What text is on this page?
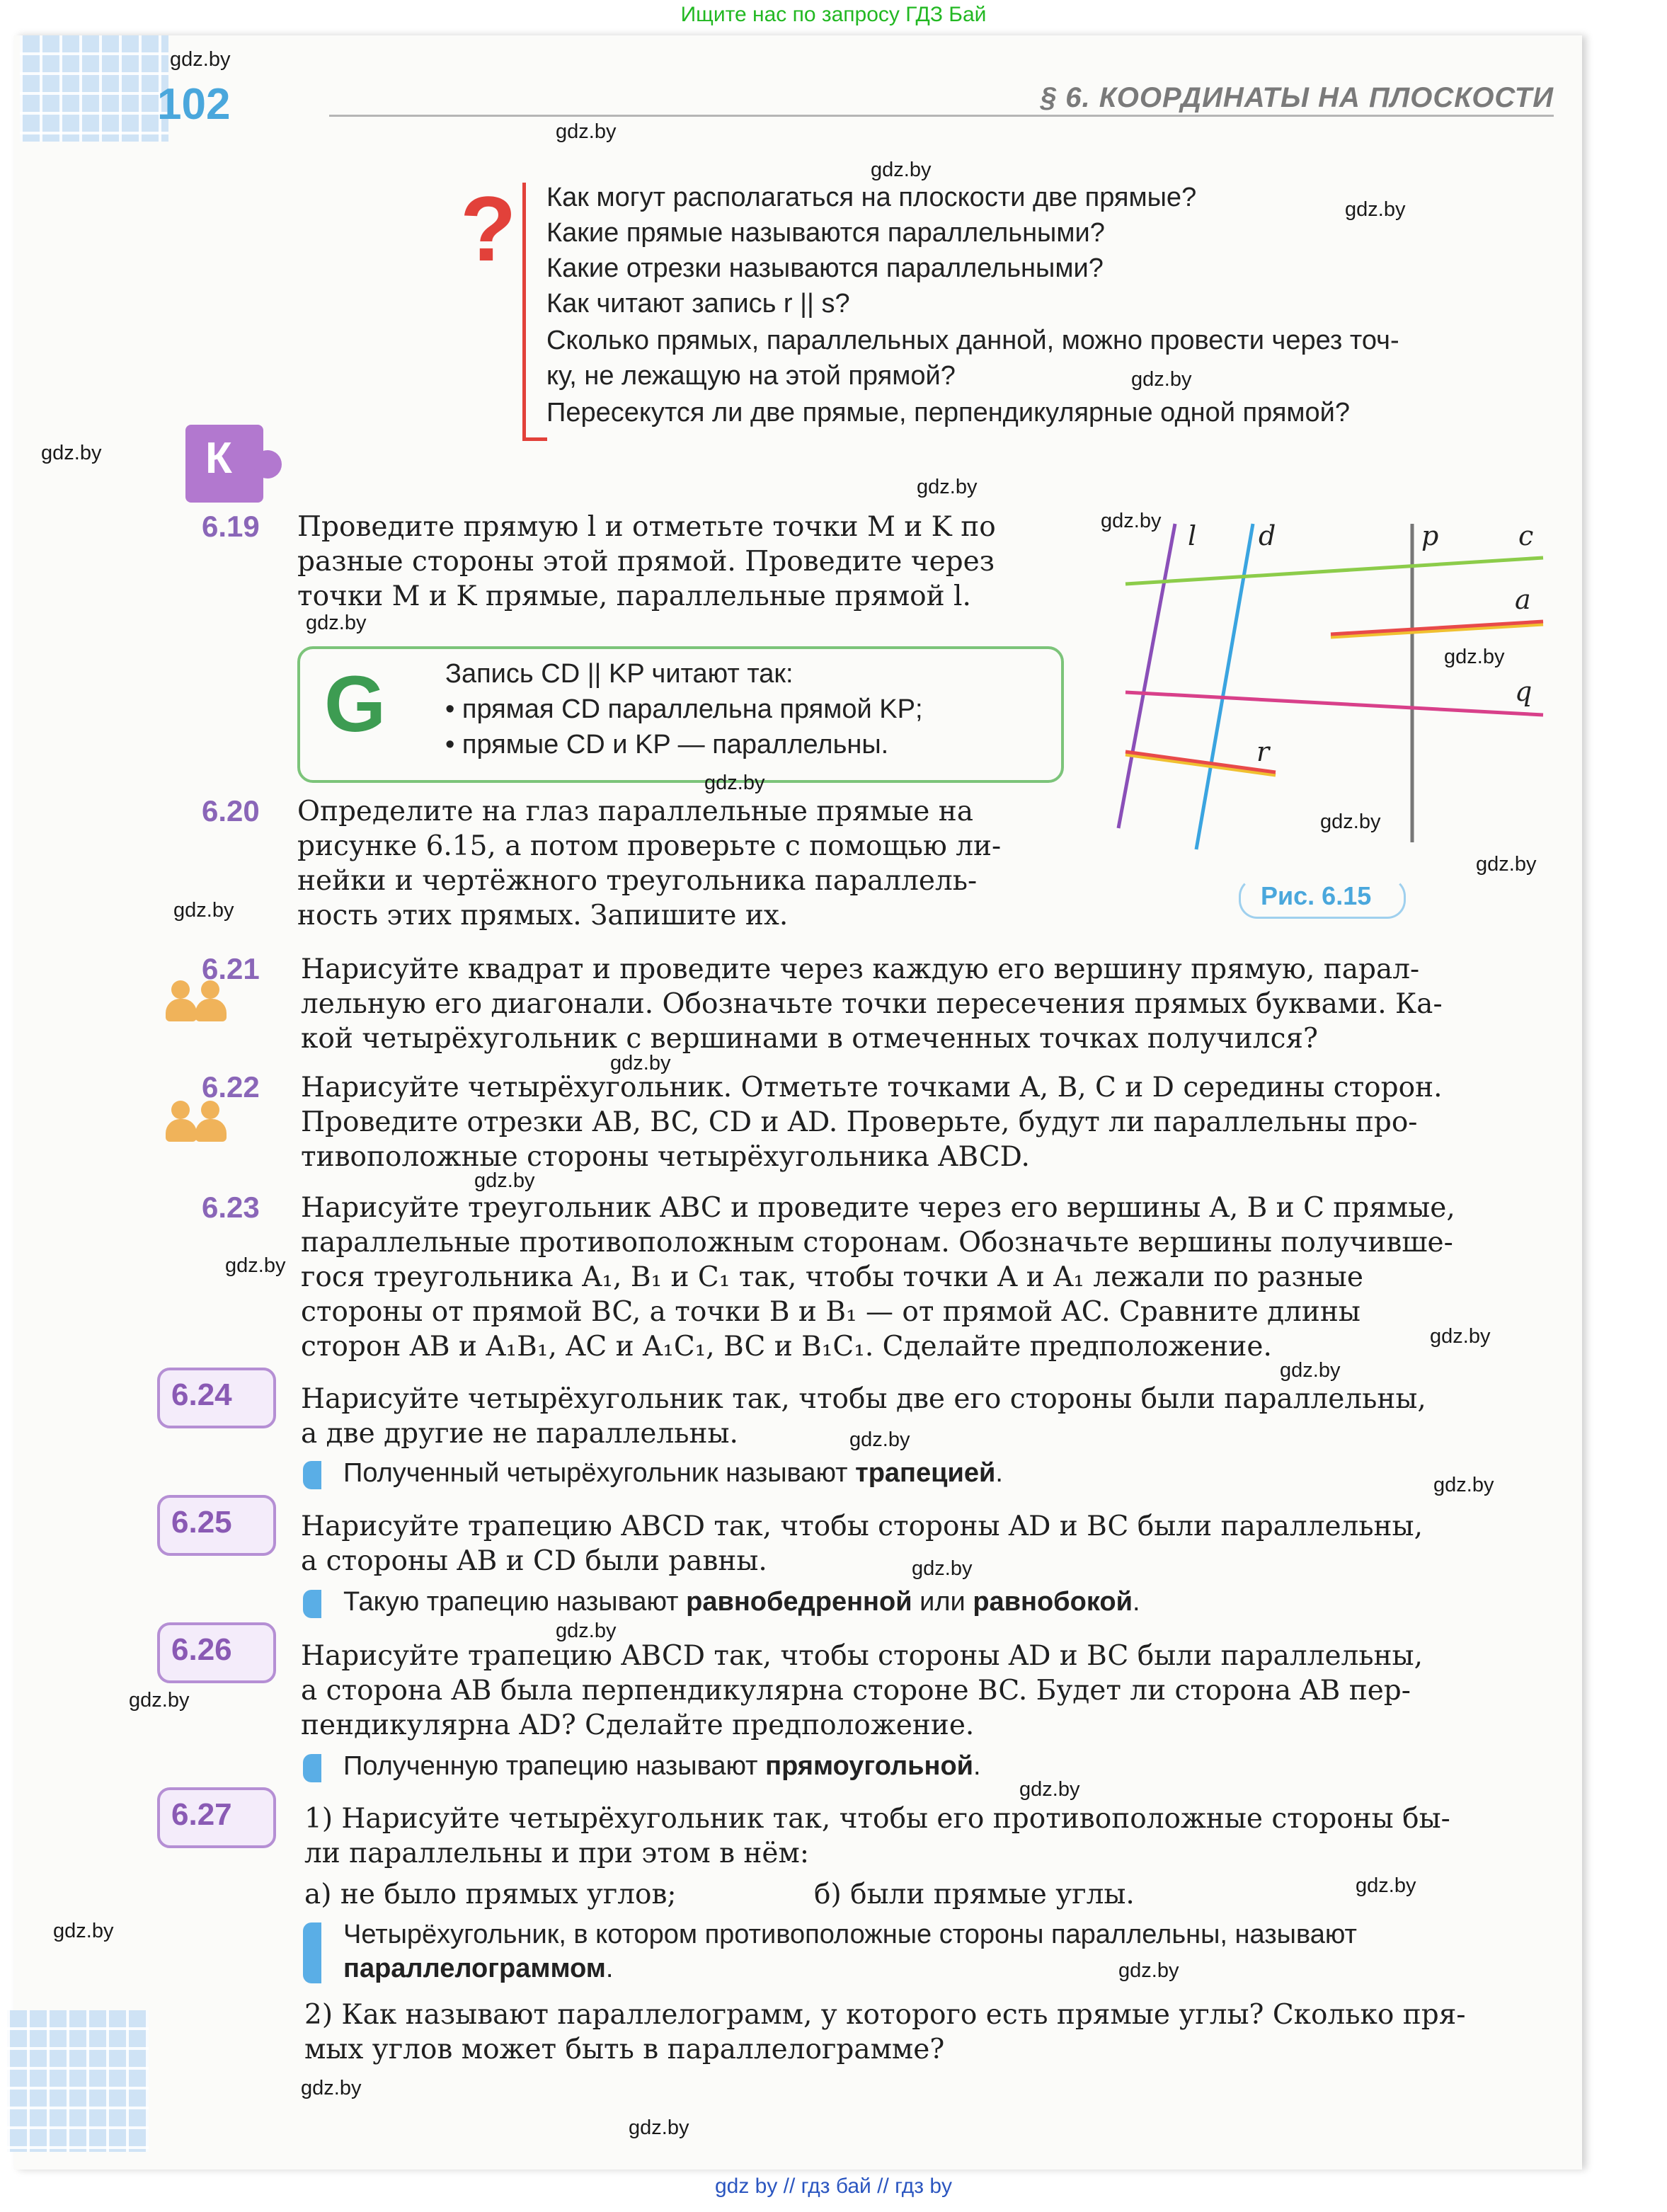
Ищите нас по запросу ГДЗ Бай
102	§ 6. КООРДИНАТЫ НА ПЛОСКОСТИ
? Как могут располагаться на плоскости две прямые?
Какие прямые называются параллельными?
Какие отрезки называются параллельными?
Как читают запись r || s?
Сколько прямых, параллельных данной, можно провести через точ-
ку, не лежащую на этой прямой?
Пересекутся ли две прямые, перпендикулярные одной прямой?
К
6.19 Проведите прямую l и отметьте точки M и K по
разные стороны этой прямой. Проведите через
точки M и K прямые, параллельные прямой l.
G Запись CD || KP читают так:
• прямая CD параллельна прямой KP;
• прямые CD и KP — параллельны.
6.20 Определите на глаз параллельные прямые на
рисунке 6.15, а потом проверьте с помощью ли-
нейки и чертёжного треугольника параллель-
ность этих прямых. Запишите их.
l d	p	c
a
q
r
Рис. 6.15
6.21 Нарисуйте квадрат и проведите через каждую его вершину прямую, парал-
лельную его диагонали. Обозначьте точки пересечения прямых буквами. Ка-
кой четырёхугольник с вершинами в отмеченных точках получился?
6.22 Нарисуйте четырёхугольник. Отметьте точками A, B, C и D середины сторон.
Проведите отрезки AB, BC, CD и AD. Проверьте, будут ли параллельны про-
тивоположные стороны четырёхугольника ABCD.
6.23 Нарисуйте треугольник ABC и проведите через его вершины A, B и C прямые,
параллельные противоположным сторонам. Обозначьте вершины получивше-
гося треугольника A₁, B₁ и C₁ так, чтобы точки A и A₁ лежали по разные
стороны от прямой BC, а точки B и B₁ — от прямой AC. Сравните длины
сторон AB и A₁B₁, AC и A₁C₁, BC и B₁C₁. Сделайте предположение.
6.24 Нарисуйте четырёхугольник так, чтобы две его стороны были параллельны,
а две другие не параллельны.
Полученный четырёхугольник называют трапецией.
6.25 Нарисуйте трапецию ABCD так, чтобы стороны AD и BC были параллельны,
а стороны AB и CD были равны.
Такую трапецию называют равнобедренной или равнобокой.
6.26 Нарисуйте трапецию ABCD так, чтобы стороны AD и BC были параллельны,
а сторона AB была перпендикулярна стороне BC. Будет ли сторона AB пер-
пендикулярна AD? Сделайте предположение.
Полученную трапецию называют прямоугольной.
6.27	1) Нарисуйте четырёхугольник так, чтобы его противоположные стороны бы-
ли параллельны и при этом в нём:
а) не было прямых углов;	б) были прямые углы.
Четырёхугольник, в котором противоположные стороны параллельны, называют
параллелограммом.
2) Как называют параллелограмм, у которого есть прямые углы? Сколько пря-
мых углов может быть в параллелограмме?
gdz.by
gdz.by
gdz.by
gdz.by
gdz.by
gdz.by
gdz.by
gdz.by
gdz.by
gdz.by
gdz.by
gdz.by
gdz.by
gdz.by
gdz.by
gdz.by
gdz.by
gdz.by
gdz.by
gdz.by
gdz.by
gdz.by
gdz.by
gdz.by
gdz.by
gdz.by
gdz.by
gdz.by
gdz.by
gdz.by
gdz by // гдз бай // гдз by
